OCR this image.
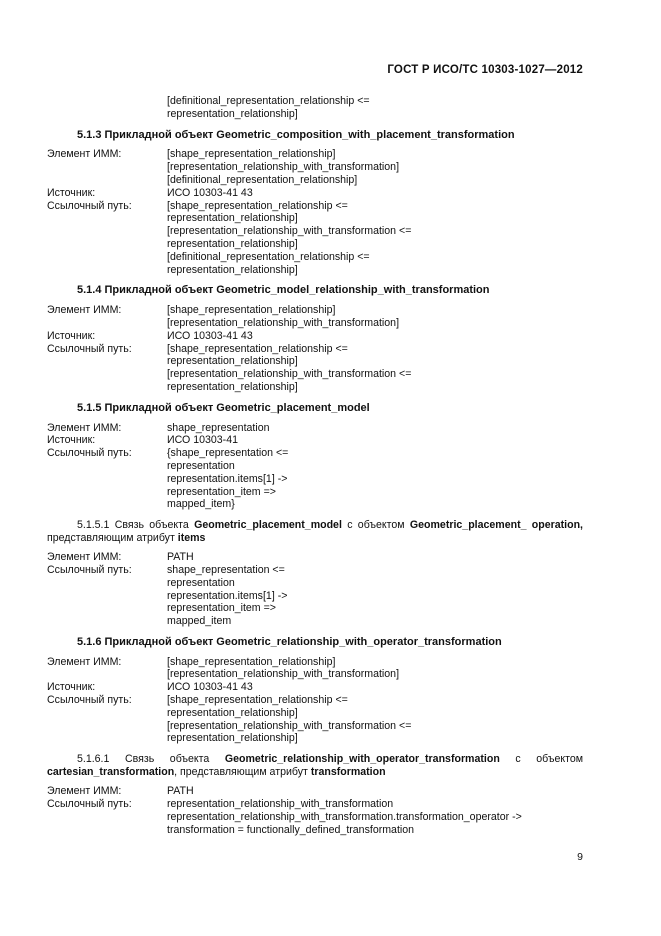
ГОСТ Р ИСО/ТС 10303-1027—2012
[definitional_representation_relationship <=
representation_relationship]
5.1.3 Прикладной объект Geometric_composition_with_placement_transformation
Элемент ИММ:	[shape_representation_relationship]
[representation_relationship_with_transformation]
[definitional_representation_relationship]
Источник:	ИСО 10303-41 43
Ссылочный путь:	[shape_representation_relationship <=
representation_relationship]
[representation_relationship_with_transformation <=
representation_relationship]
[definitional_representation_relationship <=
representation_relationship]
5.1.4 Прикладной объект Geometric_model_relationship_with_transformation
Элемент ИММ:	[shape_representation_relationship]
[representation_relationship_with_transformation]
Источник:	ИСО 10303-41 43
Ссылочный путь:	[shape_representation_relationship <=
representation_relationship]
[representation_relationship_with_transformation <=
representation_relationship]
5.1.5 Прикладной объект Geometric_placement_model
Элемент ИММ:	shape_representation
Источник:	ИСО 10303-41
Ссылочный путь:	{shape_representation <=
representation
representation.items[1] ->
representation_item =>
mapped_item}
5.1.5.1 Связь объекта Geometric_placement_model с объектом Geometric_placement_ operation, представляющим атрибут items
Элемент ИММ:	PATH
Ссылочный путь:	shape_representation <=
representation
representation.items[1] ->
representation_item =>
mapped_item
5.1.6 Прикладной объект Geometric_relationship_with_operator_transformation
Элемент ИММ:	[shape_representation_relationship]
[representation_relationship_with_transformation]
Источник:	ИСО 10303-41 43
Ссылочный путь:	[shape_representation_relationship <=
representation_relationship]
[representation_relationship_with_transformation <=
representation_relationship]
5.1.6.1 Связь объекта Geometric_relationship_with_operator_transformation с объектом cartesian_transformation, представляющим атрибут transformation
Элемент ИММ:	PATH
Ссылочный путь:	representation_relationship_with_transformation
representation_relationship_with_transformation.transformation_operator ->
transformation = functionally_defined_transformation
9
